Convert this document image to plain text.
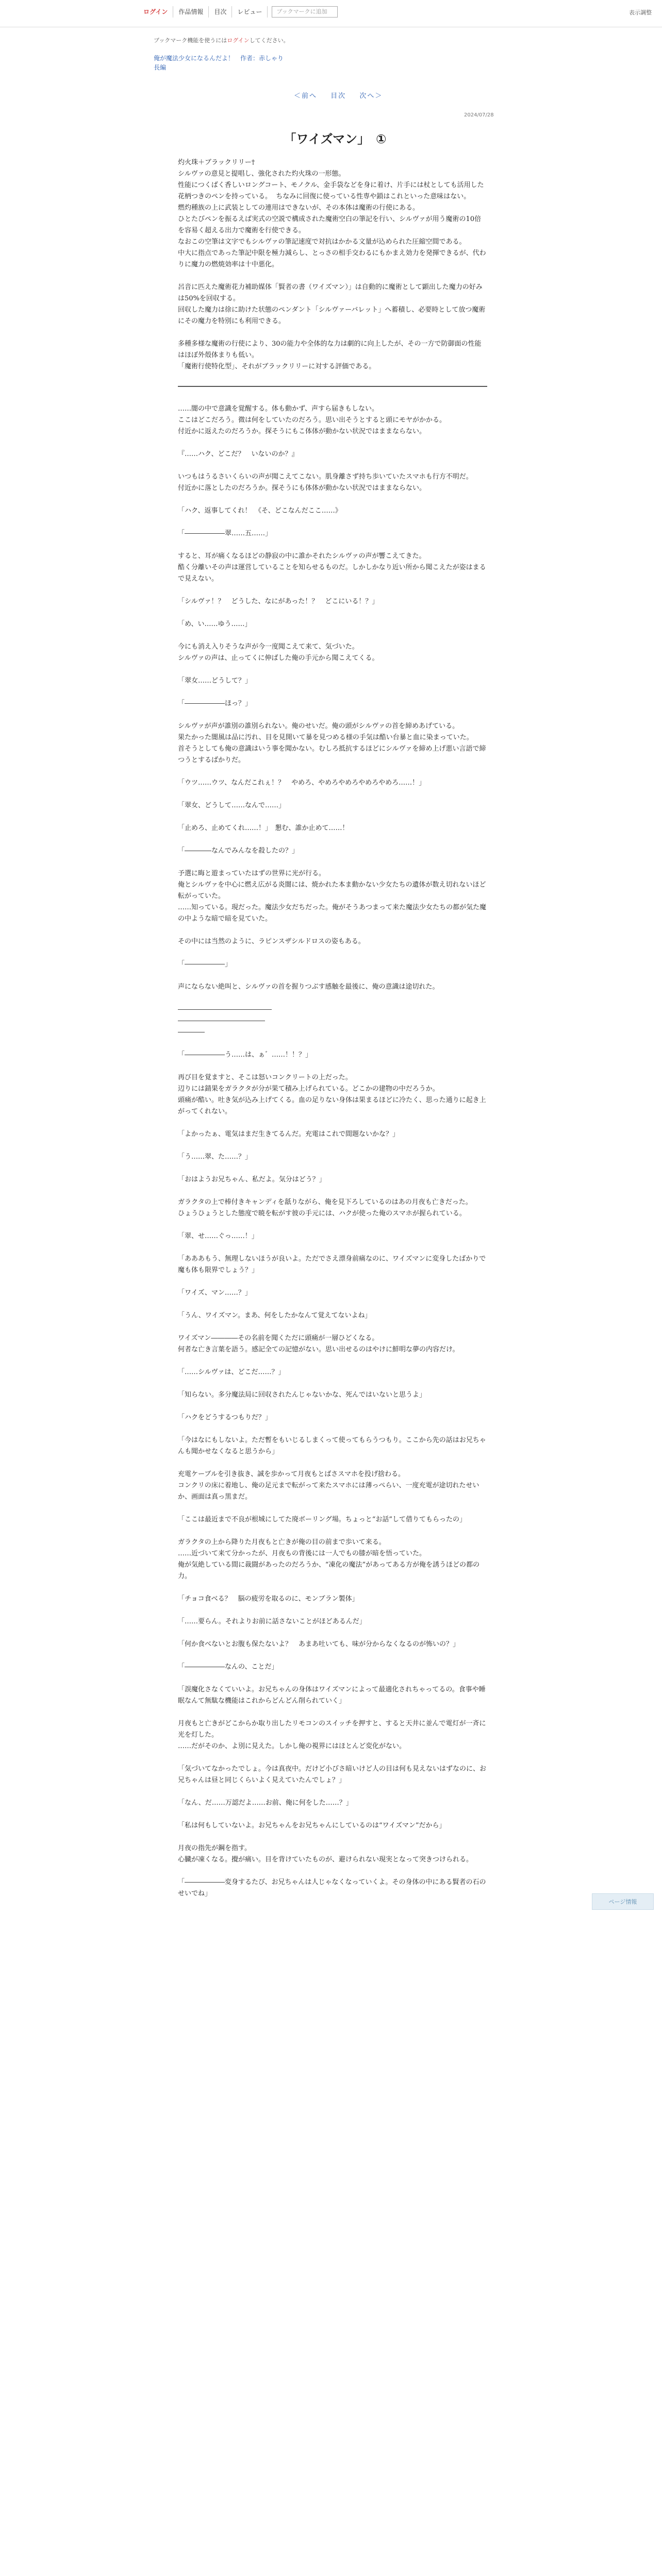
ログイン	作品情報	目次	レビュー	ブックマークに追加	表示調整
ブックマーク機能を使うにはログインしてください。
俺が魔法少女になるんだよ！　 作者：赤しゃり
長編
＜前へ 目次 次へ＞
2024/07/28
「ワイズマン」　①

灼火珠＋ブラックリリー†
シルヴァの意見と提唱し、強化された灼火珠の一形態。
性能につくばく香しいロングコート、モノクル、金手袋などを身に着け、片手には杖としても活用した花柄つきのペンを持っている。  ちなみに回復に使っている性専や鎖はこれといった意味はない。
燃灼種族の上に武装としての連用はできないが、その本体は魔術の行使にある。
ひとたびペンを振るえば実式の空説で構成された魔術空白の筆記を行い、シルヴァが用う魔術の10倍を容易く超える出力で魔術を行使できる。
なおこの空筆は文字でもシルヴァの筆記速度で対抗はかかる文量が込められた圧縮空間である。
中大に指点であった筆記中限を極力減らし、とっさの相手交わるにもかまえ効力を発揮できるが、代わりに魔力の燃焼効率は十中悪化。

呂音に匹えた魔術花力補助媒体「賢者の書（ワイズマン）」は自動的に魔術として顕出した魔力の好みは50%を回収する。
回収した魔力は徐に助けた状態のペンダント「シルヴァーバレット」へ蓄積し、必要時として放つ魔術にその魔力を特別にも利用できる。

多種多様な魔術の行使により、30の能力や全体的な力は劇的に向上したが、その一方で防御面の性能はほぼ外殻体まりも低い。
「魔術行使特化型」、それがブラックリリーに対する評価である。

……闇の中で意識を覚醒する。体も動かず、声すら届きもしない。
ここはどこだろう。微は何をしていたのだろう。思い出そうとすると頭にモヤがかかる。
付近かに返えたのだろうか。探そうにもこ体体が動かない状況ではままならない。

『……ハク、どこだ？　いないのか？』

いつもはうるさいくらいの声が聞こえてこない。肌身離さず持ち歩いていたスマホも行方不明だ。
付近かに落としたのだろうか。探そうにも体体が動かない状況ではままならない。

「ハク、返事してくれ！　《そ、どこなんだここ……》

「――――――翠……五……」

すると、耳が痛くなるほどの静寂の中に誰かそれたシルヴァの声が響こえてきた。
酷く分離いその声は運営していることを知らせるものだ。しかしかなり近い所から聞こえたが姿はまるで見えない。

「シルヴァ！？　どうした、なにがあった！？　どこにいる！？」

「め、い……ゆう……」

今にも消え入りそうな声が今一度聞こえて来て、気づいた。
シルヴァの声は、止ってくに伸ばした俺の手元から聞こえてくる。

「翠女……どうして？」

「――――――ほっ？」

シルヴァが声が誰別の誰別られない。俺のせいだ。俺の頭がシルヴァの首を締めあげている。
果たかった闇風は品に汚れ、目を見開いて暴を見つめる様の手気は酷い台暴と血に染まっていた。
首そうとしても俺の意識はいう事を聞かない。むしろ抵抗するほどにシルヴァを締め上げ悪い言語で締つうとするばかりだ。

「ウツ……ウツ、なんだこれぇ！？　やめろ、やめろやめろやめろやめろ……！」

「翠女、どうして……なんで……」

「止めろ、止めてくれ……！」　懇む、誰か止めて……！

「――――なんでみんなを殺したの？」

予選に晦と遊まっていたはずの世界に光が行る。
俺とシルヴァを中心に燃え広がる炎闇には、焼かれた本ま動かない少女たちの遺体が数え切れないほど転がっていた。
……知っている。現だった。魔法少女だちだった。俺がそうあつまって来た魔法少女たちの都が気た魔の中ような暗で暗を見ていた。

その中には当然のように、ラピンスザシルドロスの姿もある。

「――――――」

声にならない絶叫と、シルヴァの首を握りつぶす感触を最後に、俺の意識は途切れた。

――――――――――――――
―――――――――――――
――――

「――――――う……は、ぁ゛……！！？」

再び目を覚ますと、そこは怒いコンクリートの上だった。
辺りには錆果をガラクタが分が果て積み上げられている。どこかの建物の中だろうか。
頭痛が酷い。吐き気が込み上げてくる。血の足りない身体は果まるほどに冷たく、思った通りに起き上がってくれない。

「よかったぁ、電気はまだ生きてるんだ。充電はこれで間題ないかな？」

「う……翠、た……？」

「おはようお兄ちゃん、私だよ。気分はどう？」

ガラクタの上で棒付きキャンディを舐りながら、俺を見下ろしているのはあの月夜も亡きだった。
ひょうひょうとした態度で暁を転がす彼の手元には、ハクが使った俺のスマホが握られている。

「翠、せ……ぐっ……！」

「あああもう、無理しないほうが良いよ。ただでさえ漂身前痛なのに、ワイズマンに変身したばかりで魔も体も限界でしょう？」

「ワイズ、マン……？」

「うん、ワイズマン。まあ、何をしたかなんて覚えてないよね」

ワイズマン――――その名前を聞くただに頭痛が一層ひどくなる。
何者な亡き言葉を語う。感記全ての記憶がない。思い出せるのはやけに鮮明な夢の内容だけ。

「……シルヴァは、どこだ……？」

「知らない。多分魔法局に回収されたんじゃないかな、死んではいないと思うよ」

「ハクをどうするつもりだ？」

「今はなにもしないよ。ただ暫をもいじるしまくって使ってもらうつもり。ここから先の話はお兄ちゃんも聞かせなくなると思うから」

充電ケーブルを引き抜き、誠を歩かって月夜もとばさスマホを投げ捨わる。
コンクリの床に着地し、俺の足元まで転がって来たスマホには薄っぺらい、一度充電が途切れたせいか、画面は真っ黒まだ。

「ここは最近まで不良が根城にしてた廃ボーリング場。ちょっと“お話”して借りてもらったの」

ガラクタの上から降りた月夜もと亡きが俺の目の前まで歩いて来る。
……近づいて来て分かったが、月夜もの背後には一人でもの膝が暗を悟っていた。
俺が気絶している間に裁闘があったのだろうか、“凍化の魔法”があってある方が俺を誘うほどの都の力。

「チョコ食べる？　脳の疲労を取るのに、モンブラン製体」

「……要らん。それよりお前に話さないことがほどあるんだ」

「何か食べないとお腹も保たないよ？　あまあ吐いても、味が分からなくなるのが怖いの？」

「――――――なんの、ことだ」

「誤魔化さなくていいよ。お兄ちゃんの身体はワイズマンによって最適化されちゃってるの。食事や睡眠なんて無駄な機能はこれからどんどん削られていく」

月夜もと亡きがどこからか取り出したリモコンのスイッチを押すと、すると天井に並んで電灯が一斉に光を灯した。
……だがそのか、よ別に見えた。しかし俺の視界にはほとんど変化がない。

「気づいてなかったでしょ。今は真夜中。だけど小びさ暗いけど人の目は何も見えないはずなのに、お兄ちゃんは昼と同じくらいよく見えていたんでしょ？」

「なん、だ……万認だよ……お前、俺に何をした……？」

「私は何もしていないよ。お兄ちゃんをお兄ちゃんにしているのは“ワイズマン”だから」

月夜の指先が鋼を指す。
心臓が凍くなる。攪が痛い。目を背けていたものが、避けられない現実となって突きつけられる。

「――――――変身するたび、お兄ちゃんは人じゃなくなっていくよ。その身体の中にある賢者の石のせいでね」

ページ情報
